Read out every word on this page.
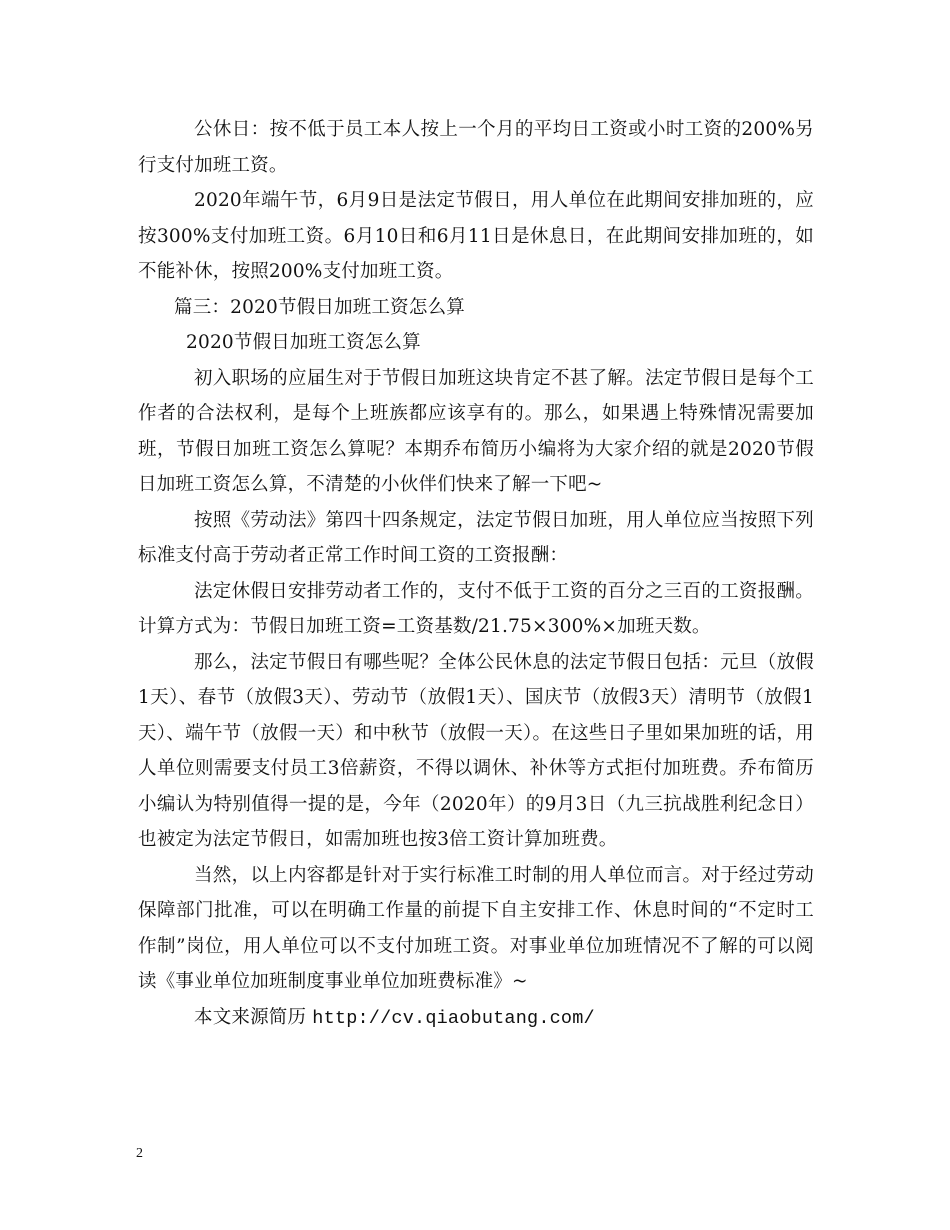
公休日：按不低于员工本人按上一个月的平均日工资或小时工资的200%另行支付加班工资。

2020年端午节，6月9日是法定节假日，用人单位在此期间安排加班的，应按300%支付加班工资。6月10日和6月11日是休息日，在此期间安排加班的，如不能补休，按照200%支付加班工资。

篇三：2020节假日加班工资怎么算

2020节假日加班工资怎么算

初入职场的应届生对于节假日加班这块肯定不甚了解。法定节假日是每个工作者的合法权利，是每个上班族都应该享有的。那么，如果遇上特殊情况需要加班，节假日加班工资怎么算呢？本期乔布简历小编将为大家介绍的就是2020节假日加班工资怎么算，不清楚的小伙伴们快来了解一下吧~

按照《劳动法》第四十四条规定，法定节假日加班，用人单位应当按照下列标准支付高于劳动者正常工作时间工资的工资报酬：

法定休假日安排劳动者工作的，支付不低于工资的百分之三百的工资报酬。计算方式为：节假日加班工资=工资基数/21.75×300%×加班天数。

那么，法定节假日有哪些呢？全体公民休息的法定节假日包括：元旦（放假1天）、春节（放假3天）、劳动节（放假1天）、国庆节（放假3天）清明节（放假1天）、端午节（放假一天）和中秋节（放假一天）。在这些日子里如果加班的话，用人单位则需要支付员工3倍薪资，不得以调休、补休等方式拒付加班费。乔布简历小编认为特别值得一提的是，今年（2020年）的9月3日（九三抗战胜利纪念日）也被定为法定节假日，如需加班也按3倍工资计算加班费。

当然，以上内容都是针对于实行标准工时制的用人单位而言。对于经过劳动保障部门批准，可以在明确工作量的前提下自主安排工作、休息时间的“不定时工作制”岗位，用人单位可以不支付加班工资。对事业单位加班情况不了解的可以阅读《事业单位加班制度事业单位加班费标准》~

本文来源简历 http://cv.qiaobutang.com/

2
